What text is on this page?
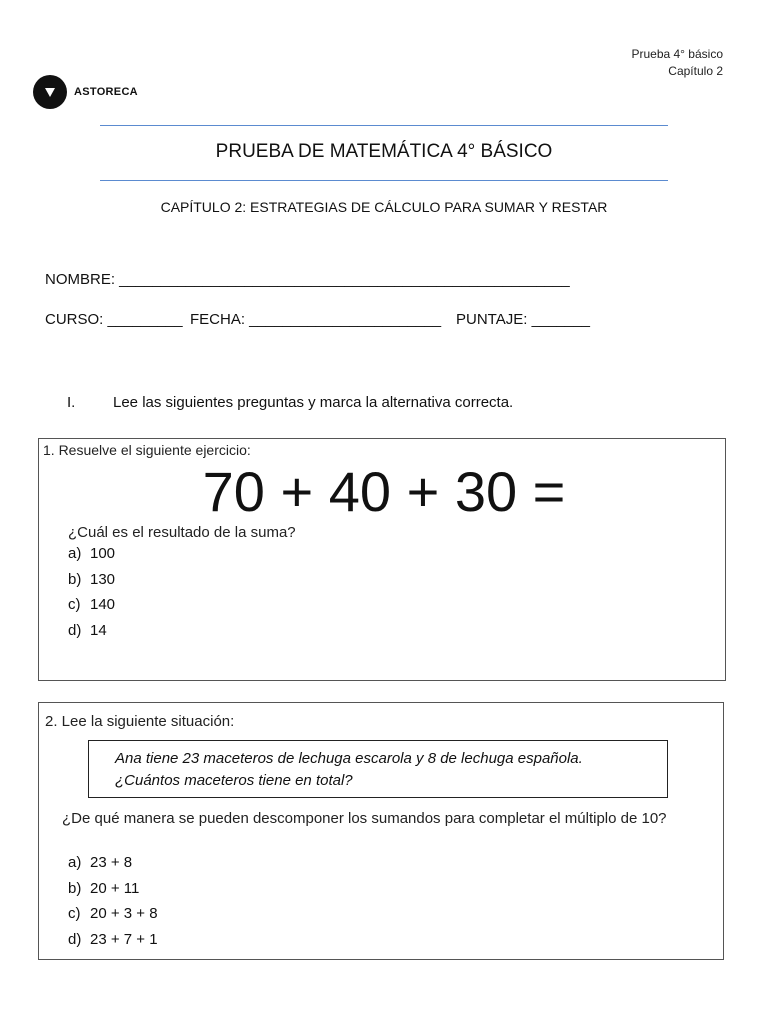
Prueba 4° básico
Capítulo 2
ASTORECA
PRUEBA DE MATEMÁTICA 4° BÁSICO
CAPÍTULO 2: ESTRATEGIAS DE CÁLCULO PARA SUMAR Y RESTAR
NOMBRE: ______________________________________________________
CURSO: _________ FECHA: _______________________ PUNTAJE: _______
I.	Lee las siguientes preguntas y marca la alternativa correcta.
1. Resuelve el siguiente ejercicio:
70 + 40 + 30 =
¿Cuál es el resultado de la suma?
a) 100
b) 130
c) 140
d) 14
2. Lee la siguiente situación:
Ana tiene 23 maceteros de lechuga escarola y 8 de lechuga española.
¿Cuántos maceteros tiene en total?
¿De qué manera se pueden descomponer los sumandos para completar el múltiplo de 10?
a) 23 + 8
b) 20 + 11
c) 20 + 3 + 8
d) 23 + 7 + 1
